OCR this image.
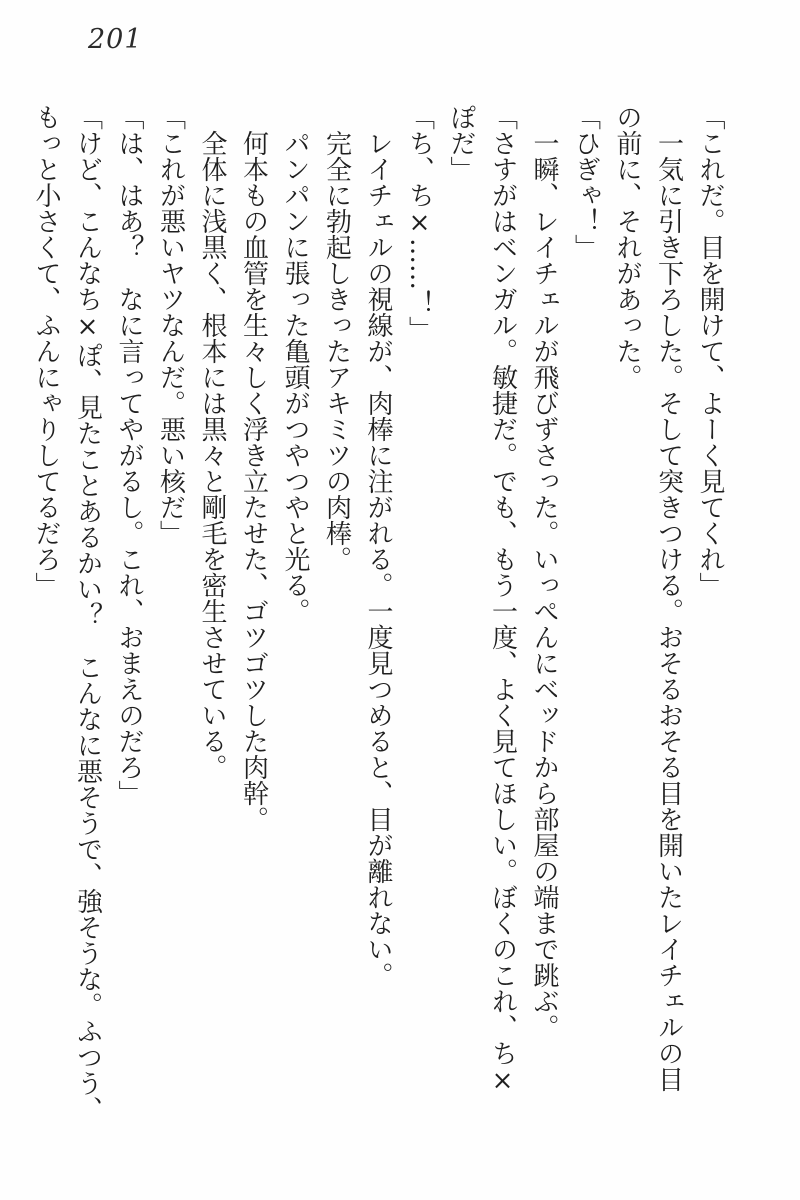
201

「これだ。目を開けて、よーく見てくれ」

一気に引き下ろした。そして突きつける。おそるおそる目を開いたレイチェルの目

の前に、それがあった。

「ひぎゃ！」

一瞬、レイチェルが飛びずさった。いっぺんにベッドから部屋の端まで跳ぶ。

「さすがはベンガル。敏捷だ。でも、もう一度、よく見てほしい。ぼくのこれ、ち×

ぽだ」

「ち、ち×……！」

レイチェルの視線が、肉棒に注がれる。一度見つめると、目が離れない。

完全に勃起しきったアキミツの肉棒。

パンパンに張った亀頭がつやつやと光る。

何本もの血管を生々しく浮き立たせた、ゴツゴツした肉幹。

全体に浅黒く、根本には黒々と剛毛を密生させている。

「これが悪いヤツなんだ。悪い核だ」

「は、はあ？　なに言ってやがるし。これ、おまえのだろ」

「けど、こんなち×ぽ、見たことあるかい？　こんなに悪そうで、強そうな。ふつう、

もっと小さくて、ふんにゃりしてるだろ」
